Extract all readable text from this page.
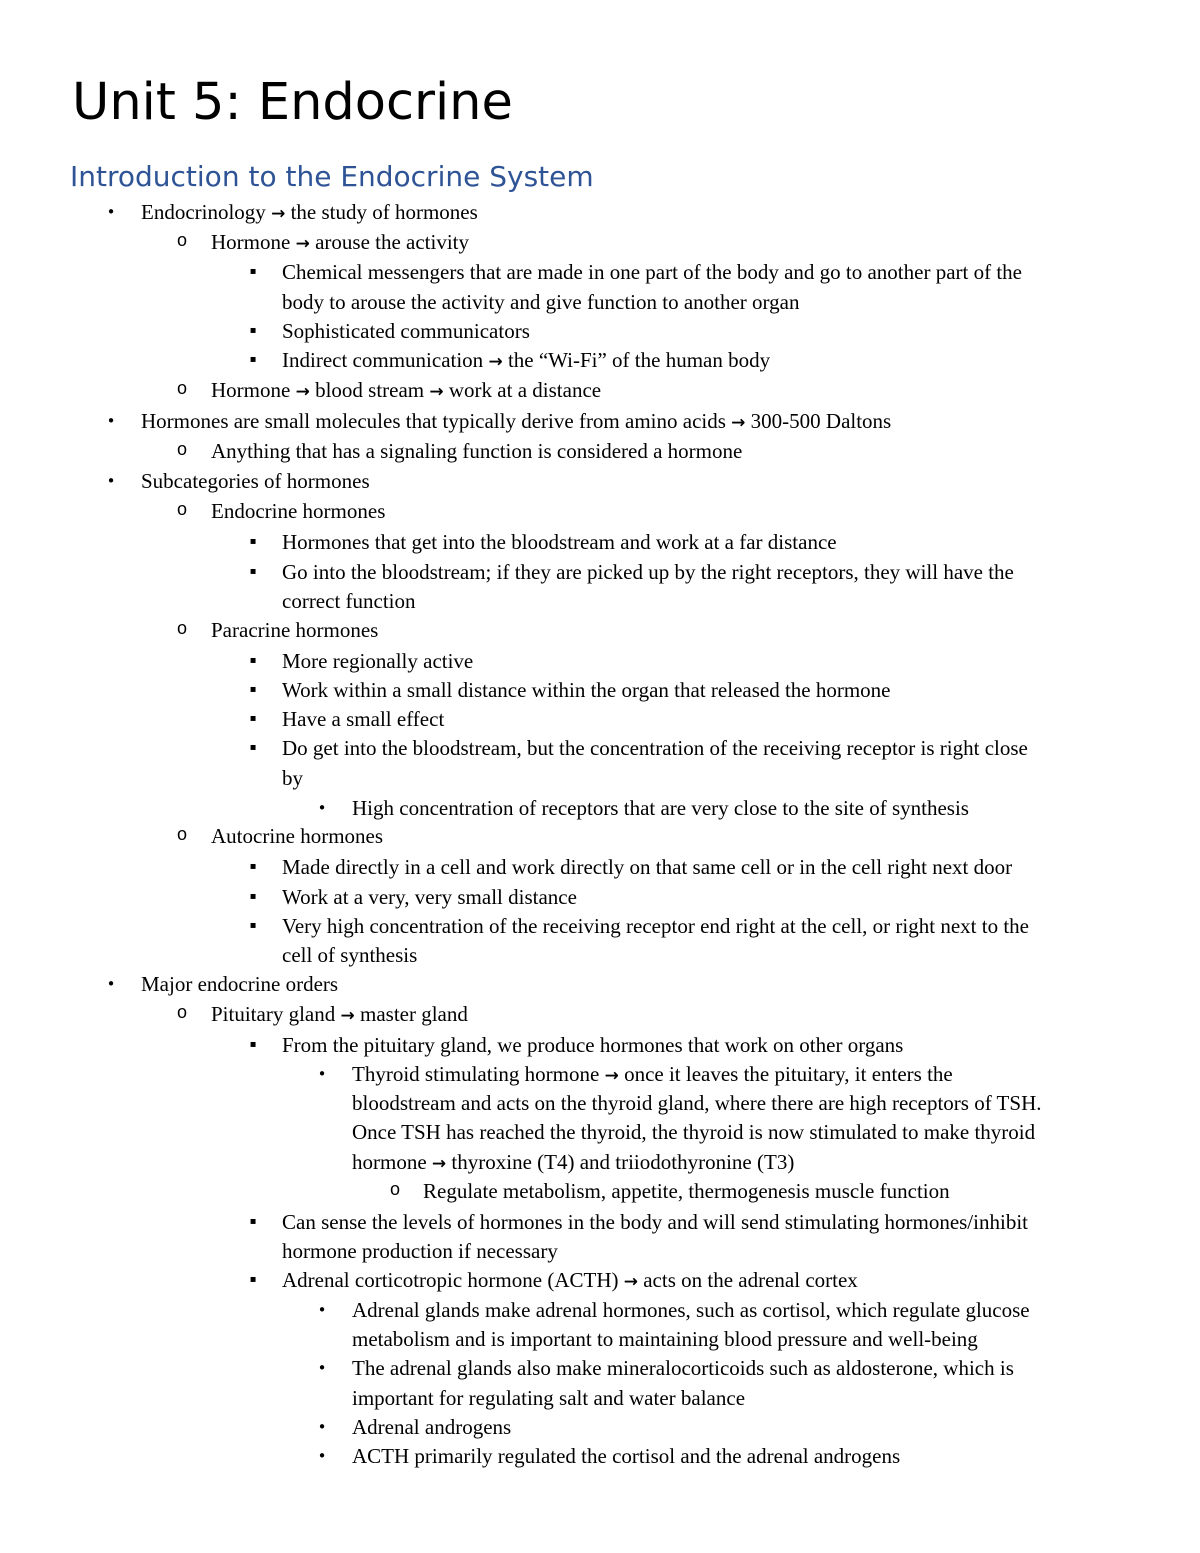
Unit 5: Endocrine
Introduction to the Endocrine System
• Endocrinology → the study of hormones
o Hormone → arouse the activity
▪ Chemical messengers that are made in one part of the body and go to another part of the
body to arouse the activity and give function to another organ
▪ Sophisticated communicators
▪ Indirect communication → the “Wi-Fi” of the human body
o Hormone → blood stream → work at a distance
• Hormones are small molecules that typically derive from amino acids → 300-500 Daltons
o Anything that has a signaling function is considered a hormone
• Subcategories of hormones
o Endocrine hormones
▪ Hormones that get into the bloodstream and work at a far distance
▪ Go into the bloodstream; if they are picked up by the right receptors, they will have the
correct function
o Paracrine hormones
▪ More regionally active
▪ Work within a small distance within the organ that released the hormone
▪ Have a small effect
▪ Do get into the bloodstream, but the concentration of the receiving receptor is right close
by
• High concentration of receptors that are very close to the site of synthesis
o Autocrine hormones
▪ Made directly in a cell and work directly on that same cell or in the cell right next door
▪ Work at a very, very small distance
▪ Very high concentration of the receiving receptor end right at the cell, or right next to the
cell of synthesis
• Major endocrine orders
o Pituitary gland → master gland
▪ From the pituitary gland, we produce hormones that work on other organs
• Thyroid stimulating hormone → once it leaves the pituitary, it enters the
bloodstream and acts on the thyroid gland, where there are high receptors of TSH.
Once TSH has reached the thyroid, the thyroid is now stimulated to make thyroid
hormone → thyroxine (T4) and triiodothyronine (T3)
o Regulate metabolism, appetite, thermogenesis muscle function
▪ Can sense the levels of hormones in the body and will send stimulating hormones/inhibit
hormone production if necessary
▪ Adrenal corticotropic hormone (ACTH) → acts on the adrenal cortex
• Adrenal glands make adrenal hormones, such as cortisol, which regulate glucose
metabolism and is important to maintaining blood pressure and well-being
• The adrenal glands also make mineralocorticoids such as aldosterone, which is
important for regulating salt and water balance
• Adrenal androgens
• ACTH primarily regulated the cortisol and the adrenal androgens
